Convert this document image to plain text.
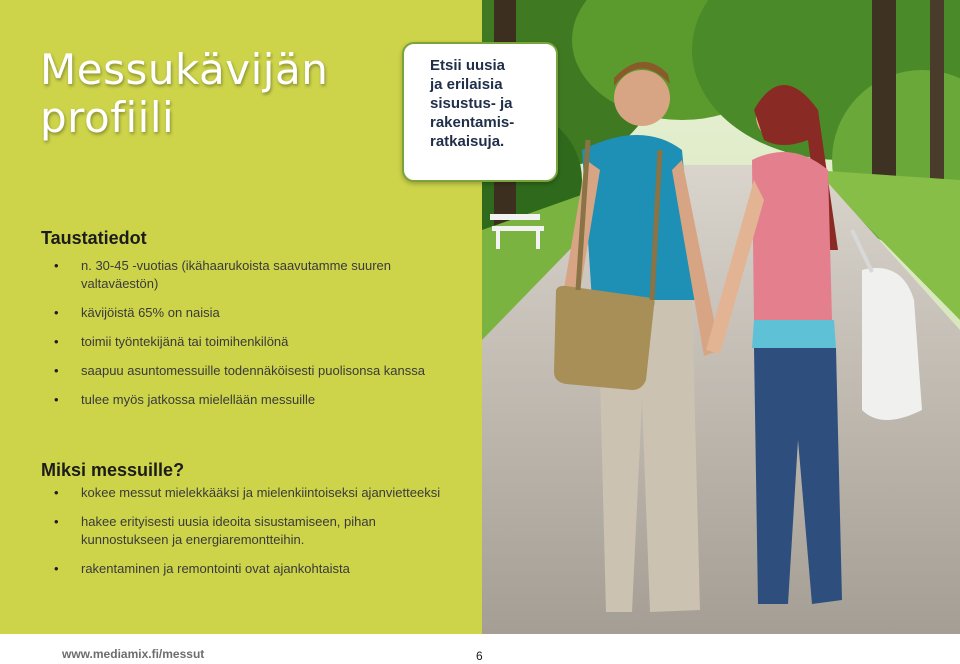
Messukävijän
profiili
Taustatiedot
• n. 30-45 -vuotias (ikähaarukoista saavutamme suuren valtaväestön)
• kävijöistä 65% on naisia
• toimii työntekijänä tai toimihenkilönä
• saapuu asuntomessuille todennäköisesti puolisonsa kanssa
• tulee myös jatkossa mielellään messuille
Miksi messuille?
• kokee messut mielekkääksi ja mielenkiintoiseksi ajanvietteeksi
• hakee erityisesti uusia ideoita sisustamiseen, pihan kunnostukseen ja energiaremontteihin.
• rakentaminen ja remontointi ovat ajankohtaista
Etsii uusia
ja erilaisia
sisustus- ja
rakentamis-
ratkaisuja.
www.mediamix.fi/messut	6
